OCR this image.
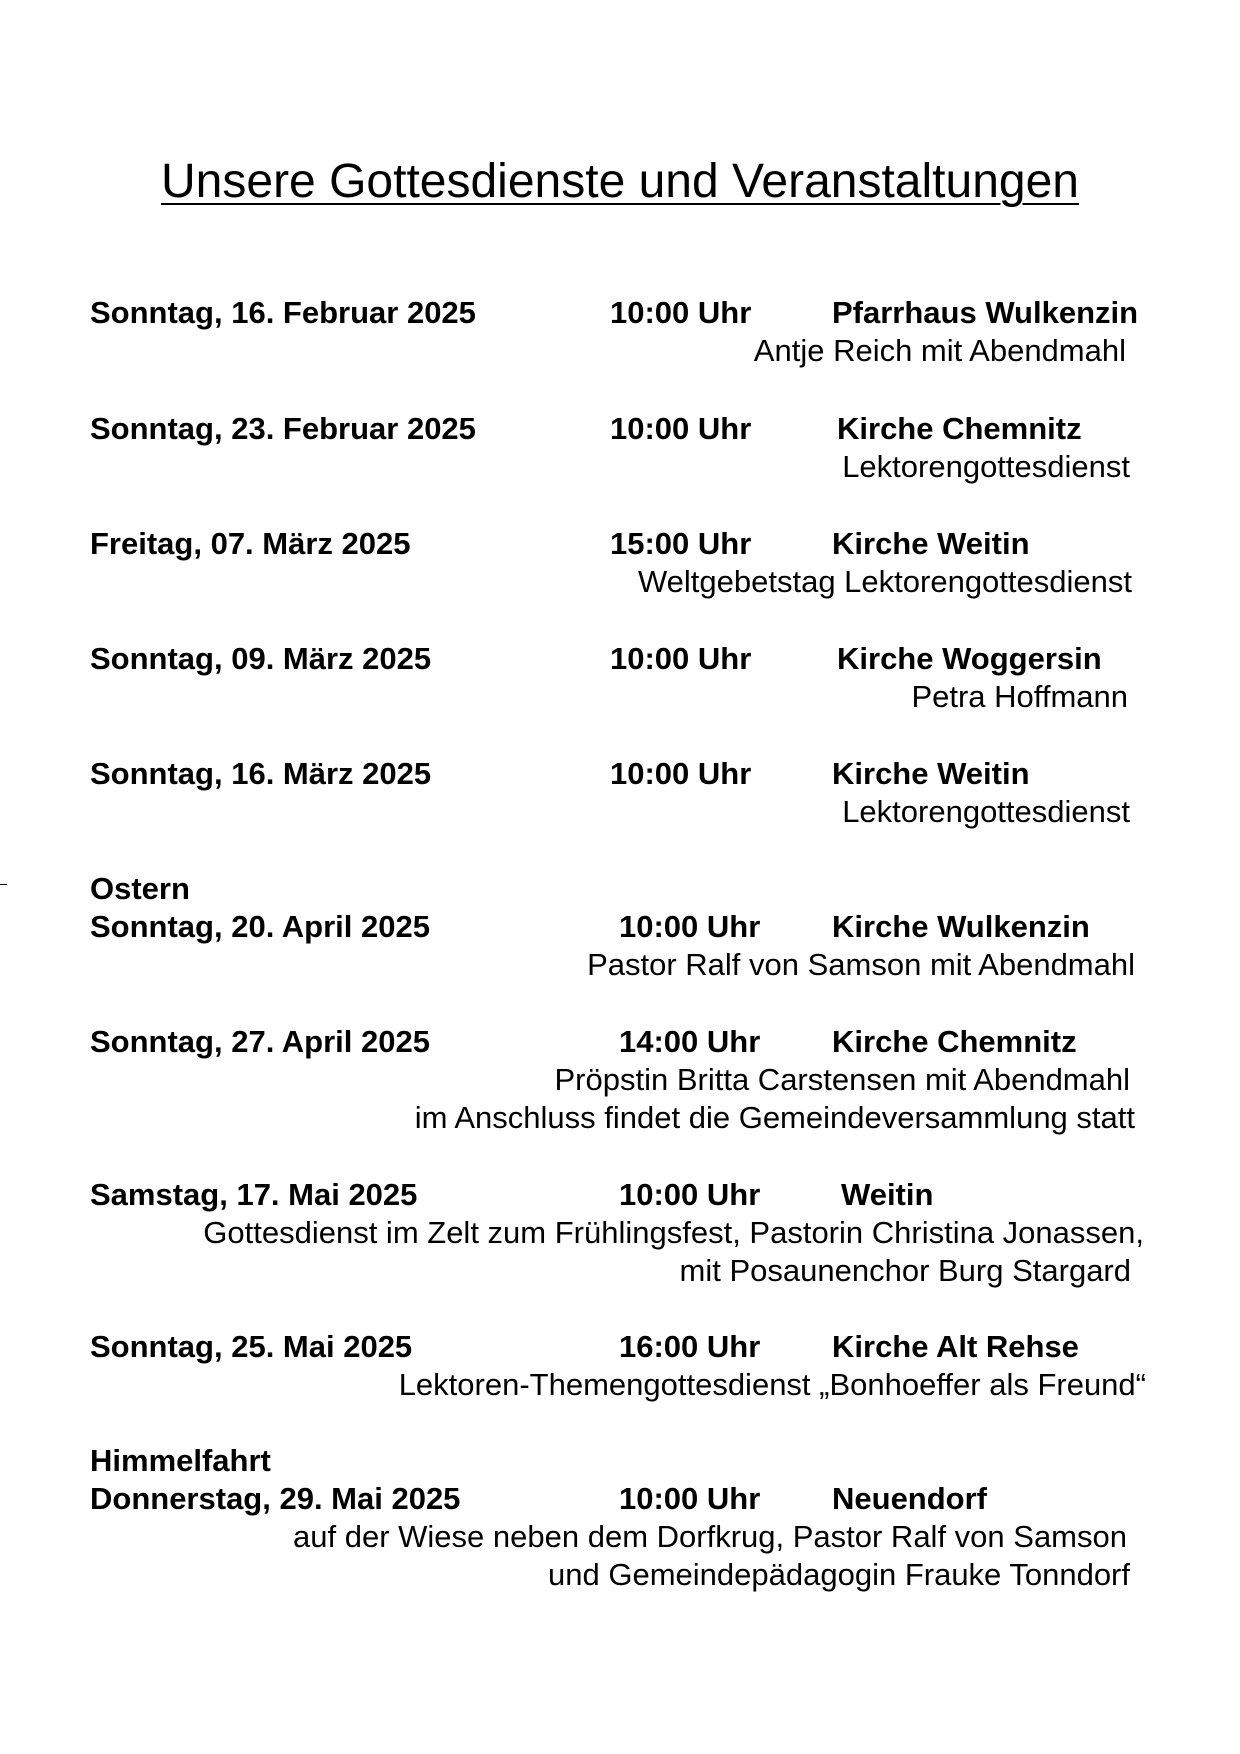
Unsere Gottesdienste und Veranstaltungen
Sonntag, 16. Februar 2025	10:00 Uhr	Pfarrhaus Wulkenzin
Antje Reich mit Abendmahl
Sonntag, 23. Februar 2025	10:00 Uhr	Kirche Chemnitz
Lektorengottesdienst
Freitag, 07. März 2025	15:00 Uhr	Kirche Weitin
Weltgebetstag Lektorengottesdienst
Sonntag, 09. März 2025	10:00 Uhr	Kirche Woggersin
Petra Hoffmann
Sonntag, 16. März 2025	10:00 Uhr	Kirche Weitin
Lektorengottesdienst
Ostern
Sonntag, 20. April 2025	10:00 Uhr Kirche Wulkenzin
Pastor Ralf von Samson mit Abendmahl
Sonntag, 27. April 2025	14:00 Uhr Kirche Chemnitz
Pröpstin Britta Carstensen mit Abendmahl
im Anschluss findet die Gemeindeversammlung statt
Samstag, 17. Mai 2025	10:00 Uhr	Weitin
Gottesdienst im Zelt zum Frühlingsfest, Pastorin Christina Jonassen,
mit Posaunenchor Burg Stargard
Sonntag, 25. Mai 2025	16:00 Uhr Kirche Alt Rehse
Lektoren-Themengottesdienst „Bonhoeffer als Freund“
Himmelfahrt
Donnerstag, 29. Mai 2025	10:00 Uhr Neuendorf
auf der Wiese neben dem Dorfkrug, Pastor Ralf von Samson
und Gemeindepädagogin Frauke Tonndorf
